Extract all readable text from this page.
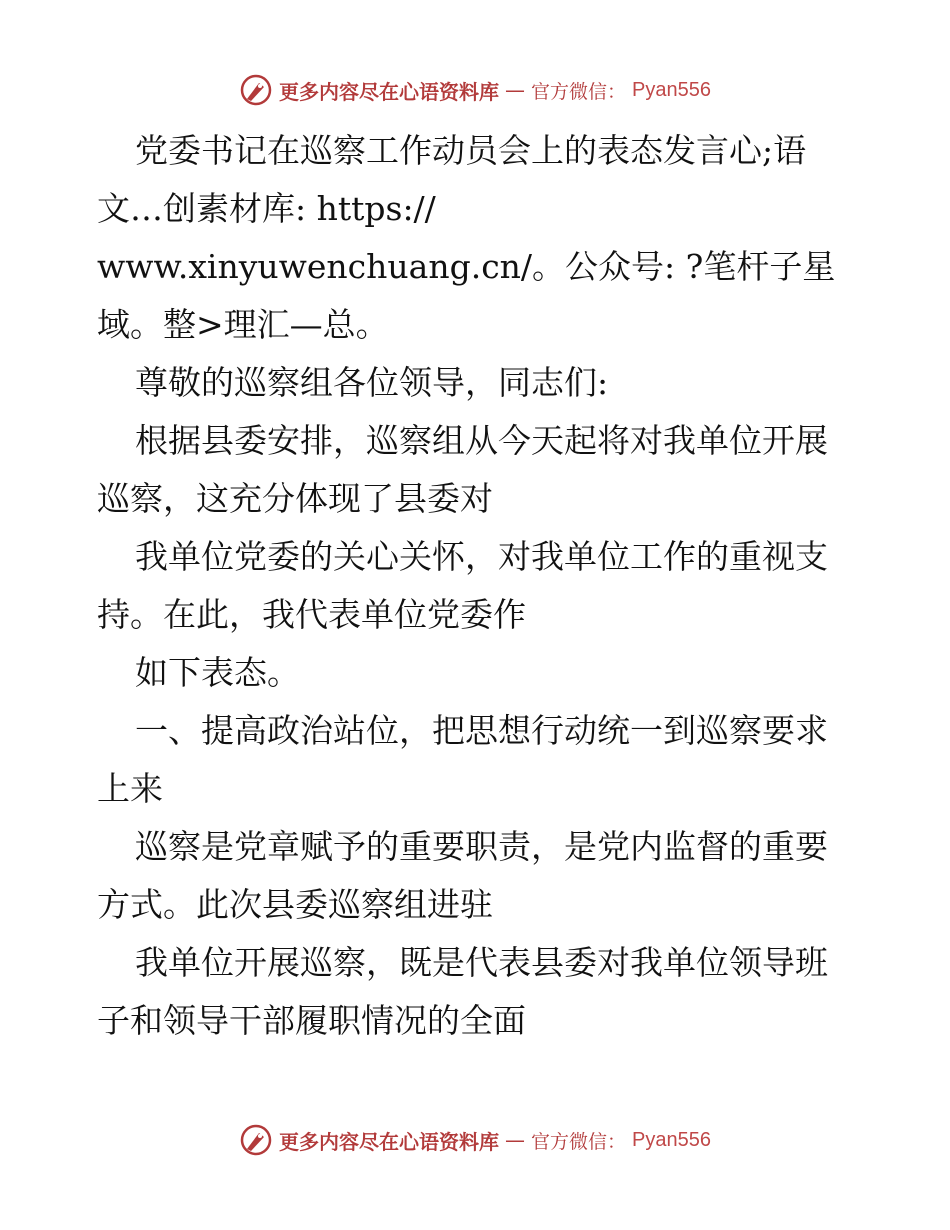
更多内容尽在心语资料库 — 官方微信： Pyan556
党委书记在巡察工作动员会上的表态发言心;语
文…创素材库: https://
www.xinyuwenchuang.cn/。公众号: ?笔杆子星
域。整>理汇—总。
尊敬的巡察组各位领导，同志们:
根据县委安排，巡察组从今天起将对我单位开展
巡察，这充分体现了县委对
我单位党委的关心关怀，对我单位工作的重视支
持。在此，我代表单位党委作
如下表态。
一、提高政治站位，把思想行动统一到巡察要求
上来
巡察是党章赋予的重要职责，是党内监督的重要
方式。此次县委巡察组进驻
我单位开展巡察，既是代表县委对我单位领导班
子和领导干部履职情况的全面
更多内容尽在心语资料库 — 官方微信： Pyan556
